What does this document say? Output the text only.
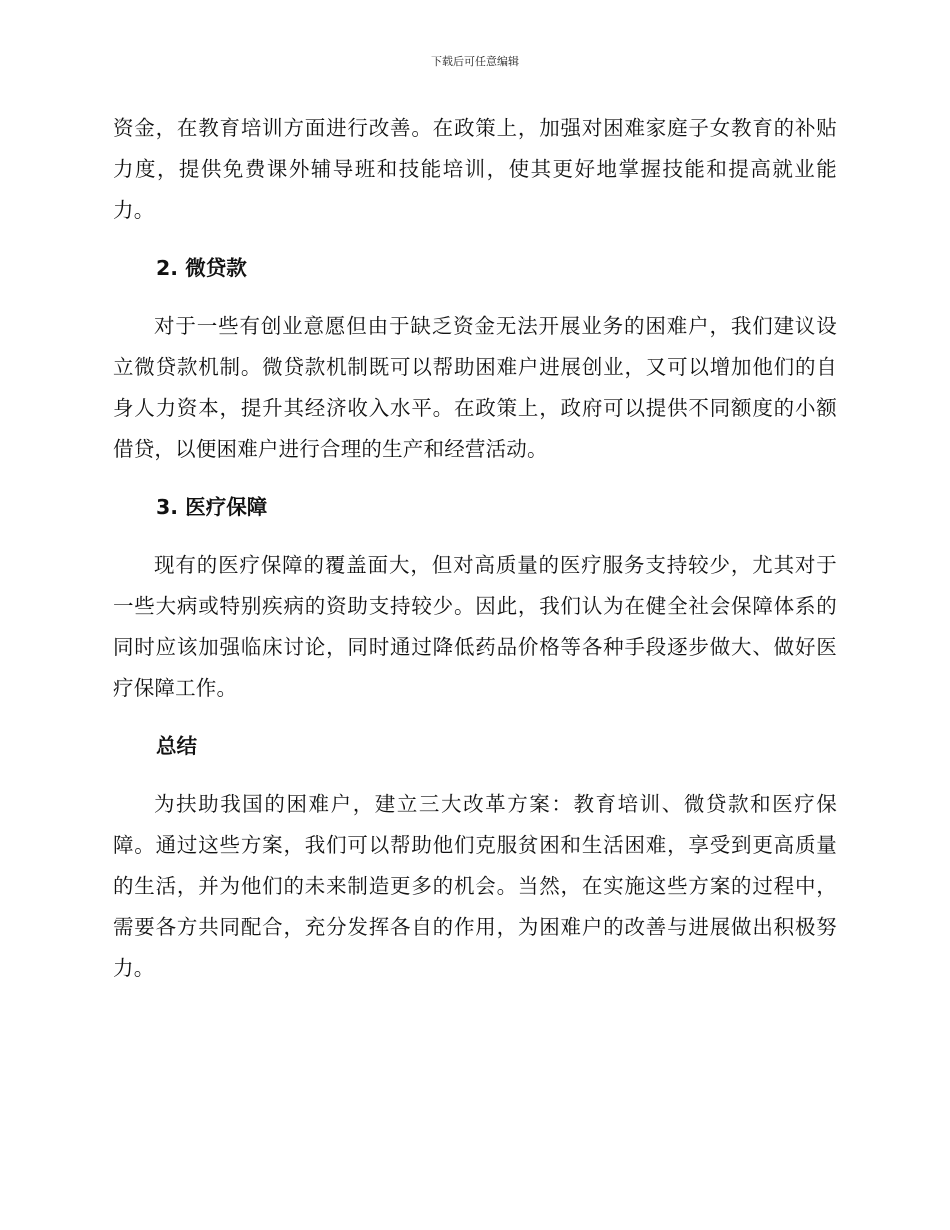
下载后可任意编辑

资金，在教育培训方面进行改善。在政策上，加强对困难家庭子女教育的补贴力度，提供免费课外辅导班和技能培训，使其更好地掌握技能和提高就业能力。

2. 微贷款

对于一些有创业意愿但由于缺乏资金无法开展业务的困难户，我们建议设立微贷款机制。微贷款机制既可以帮助困难户进展创业，又可以增加他们的自身人力资本，提升其经济收入水平。在政策上，政府可以提供不同额度的小额借贷，以便困难户进行合理的生产和经营活动。

3. 医疗保障

现有的医疗保障的覆盖面大，但对高质量的医疗服务支持较少，尤其对于一些大病或特别疾病的资助支持较少。因此，我们认为在健全社会保障体系的同时应该加强临床讨论，同时通过降低药品价格等各种手段逐步做大、做好医疗保障工作。

总结

为扶助我国的困难户，建立三大改革方案：教育培训、微贷款和医疗保障。通过这些方案，我们可以帮助他们克服贫困和生活困难，享受到更高质量的生活，并为他们的未来制造更多的机会。当然，在实施这些方案的过程中，需要各方共同配合，充分发挥各自的作用，为困难户的改善与进展做出积极努力。
